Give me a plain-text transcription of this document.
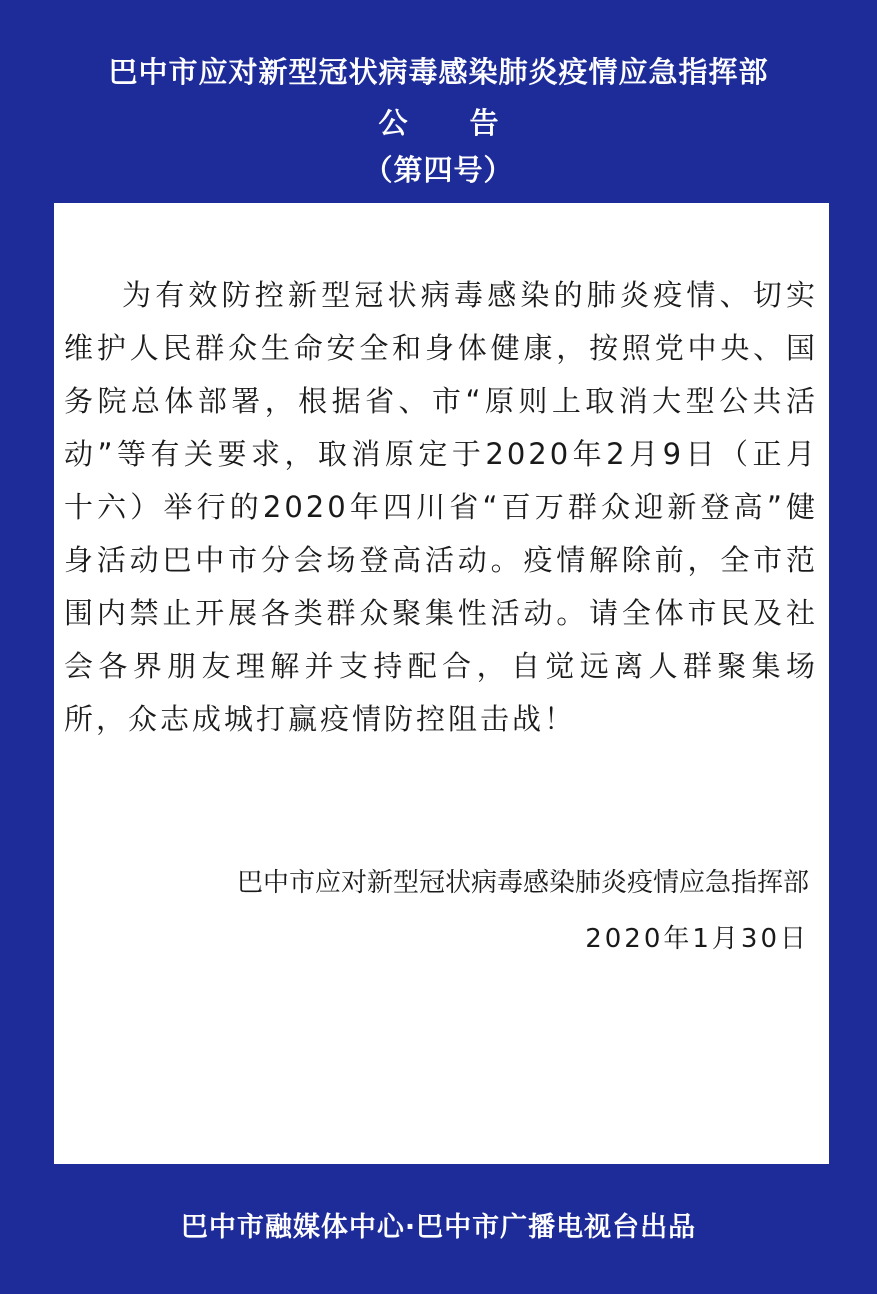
巴中市应对新型冠状病毒感染肺炎疫情应急指挥部
公告
（第四号）

为有效防控新型冠状病毒感染的肺炎疫情、切实维护人民群众生命安全和身体健康，按照党中央、国务院总体部署，根据省、市“原则上取消大型公共活动”等有关要求，取消原定于2020年2月9日（正月十六）举行的2020年四川省“百万群众迎新登高”健身活动巴中市分会场登高活动。疫情解除前，全市范围内禁止开展各类群众聚集性活动。请全体市民及社会各界朋友理解并支持配合，自觉远离人群聚集场所，众志成城打赢疫情防控阻击战！

巴中市应对新型冠状病毒感染肺炎疫情应急指挥部
2020年1月30日
巴中市融媒体中心·巴中市广播电视台出品
